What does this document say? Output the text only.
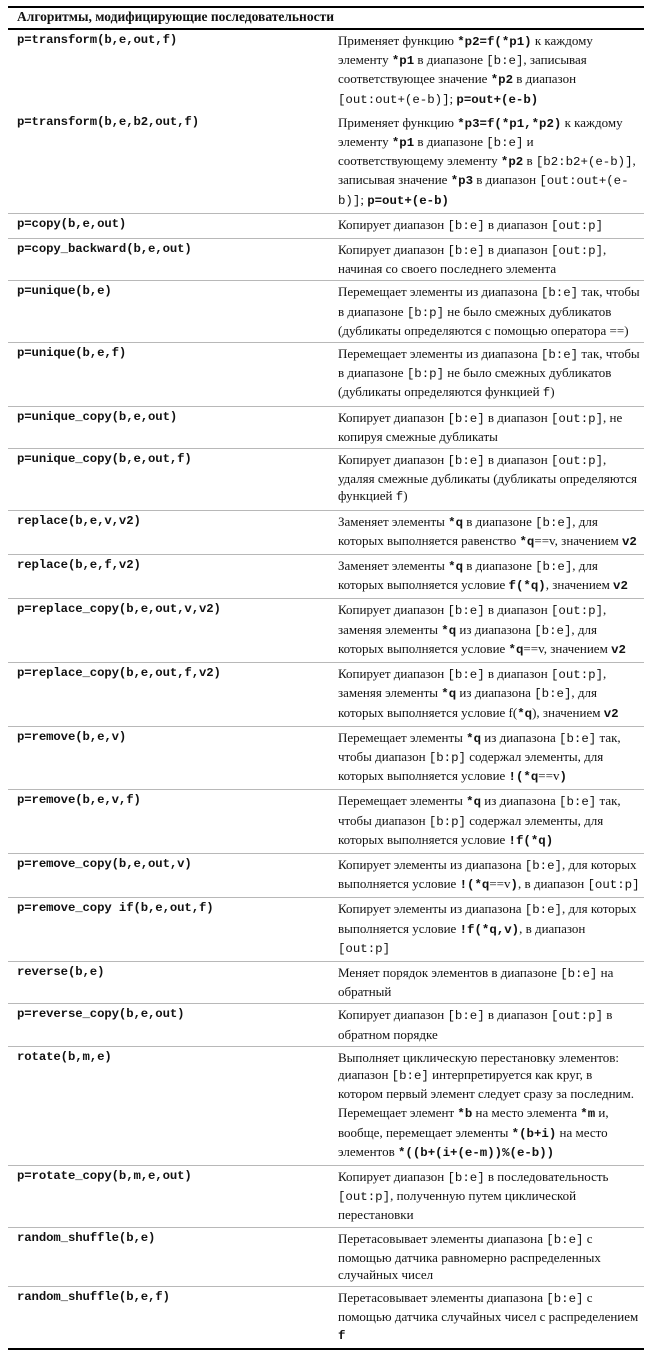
Алгоритмы, модифицирующие последовательности	
p=transform(b,e,out,f)	Применяет функцию *p2=f(*p1) к каждому элементу *p1 в диапазоне [b:e], записывая соответствующее значение *p2 в диапазон [out:out+(e-b)]; p=out+(e-b)

p=transform(b,e,b2,out,f)	Применяет функцию *p3=f(*p1,*p2) к каждому элементу *p1 в диапазоне [b:e] и соответствующему элементу *p2 в [b2:b2+(e-b)], записывая значение *p3 в диапазон [out:out+(e-b)]; p=out+(e-b)

p=copy(b,e,out)	Копирует диапазон [b:e] в диапазон [out:p]

p=copy_backward(b,e,out)	Копирует диапазон [b:e] в диапазон [out:p], начиная со своего последнего элемента

p=unique(b,e)	Перемещает элементы из диапазона [b:e] так, чтобы в диапазоне [b:p] не было смежных дубликатов (дубликаты определяются с помощью оператора ==)

p=unique(b,e,f)	Перемещает элементы из диапазона [b:e] так, чтобы в диапазоне [b:p] не было смежных дубликатов (дубликаты определяются функцией f)

p=unique_copy(b,e,out)	Копирует диапазон [b:e] в диапазон [out:p], не копируя смежные дубликаты

p=unique_copy(b,e,out,f)	Копирует диапазон [b:e] в диапазон [out:p], удаляя смежные дубликаты (дубликаты определяются функцией f)

replace(b,e,v,v2)	Заменяет элементы *q в диапазоне [b:e], для которых выполняется равенство *q==v, значением v2

replace(b,e,f,v2)	Заменяет элементы *q в диапазоне [b:e], для которых выполняется условие f(*q), значением v2

p=replace_copy(b,e,out,v,v2)	Копирует диапазон [b:e] в диапазон [out:p], заменяя элементы *q из диапазона [b:e], для которых выполняется условие *q==v, значением v2

p=replace_copy(b,e,out,f,v2)	Копирует диапазон [b:e] в диапазон [out:p], заменяя элементы *q из диапазона [b:e], для которых выполняется условие f(*q), значением v2

p=remove(b,e,v)	Перемещает элементы *q из диапазона [b:e] так, чтобы диапазон [b:p] содержал элементы, для которых выполняется условие !(*q==v)

p=remove(b,e,v,f)	Перемещает элементы *q из диапазона [b:e] так, чтобы диапазон [b:p] содержал элементы, для которых выполняется условие !f(*q)

p=remove_copy(b,e,out,v)	Копирует элементы из диапазона [b:e], для которых выполняется условие !(*q==v), в диапазон [out:p]

p=remove_copy if(b,e,out,f)	Копирует элементы из диапазона [b:e], для которых выполняется условие !f(*q,v), в диапазон [out:p]

reverse(b,e)	Меняет порядок элементов в диапазоне [b:e] на обратный

p=reverse_copy(b,e,out)	Копирует диапазон [b:e] в диапазон [out:p] в обратном порядке

rotate(b,m,e)	Выполняет циклическую перестановку элементов: диапазон [b:e] интерпретируется как круг, в котором первый элемент следует сразу за последним.
Перемещает элемент *b на место элемента *m и, вообще, перемещает элементы *(b+i) на место элементов *((b+(i+(e-m))%(e-b))

p=rotate_copy(b,m,e,out)	Копирует диапазон [b:e] в последовательность [out:p], полученную путем циклической перестановки

random_shuffle(b,e)	Перетасовывает элементы диапазона [b:e] с помощью датчика равномерно распределенных случайных чисел

random_shuffle(b,e,f)	Перетасовывает элементы диапазона [b:e] с помощью датчика случайных чисел с распределением f
